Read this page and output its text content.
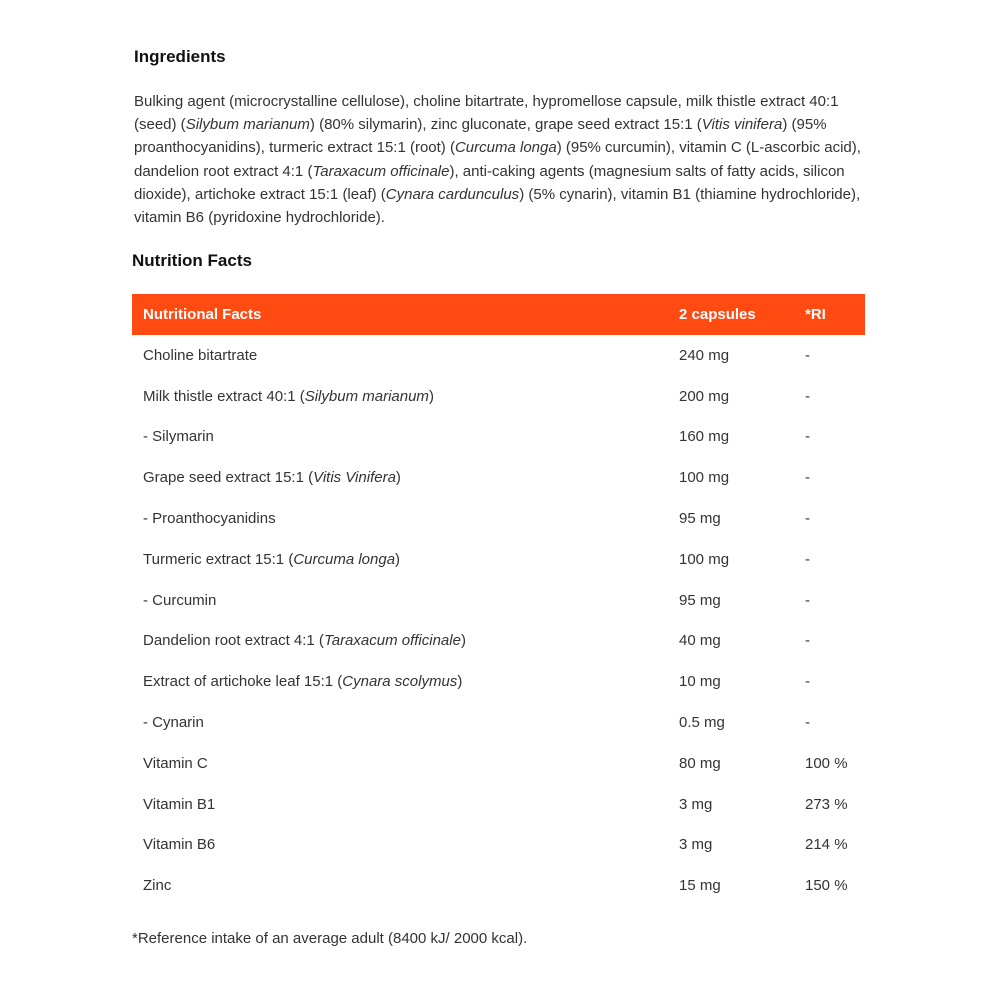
Ingredients

Bulking agent (microcrystalline cellulose), choline bitartrate, hypromellose capsule, milk thistle extract 40:1 (seed) (Silybum marianum) (80% silymarin), zinc gluconate, grape seed extract 15:1 (Vitis vinifera) (95% proanthocyanidins), turmeric extract 15:1 (root) (Curcuma longa) (95% curcumin), vitamin C (L-ascorbic acid), dandelion root extract 4:1 (Taraxacum officinale), anti-caking agents (magnesium salts of fatty acids, silicon dioxide), artichoke extract 15:1 (leaf) (Cynara cardunculus) (5% cynarin), vitamin B1 (thiamine hydrochloride), vitamin B6 (pyridoxine hydrochloride).

Nutrition Facts
Nutritional Facts	2 capsules	*RI
Choline bitartrate	240 mg	-
Milk thistle extract 40:1 (Silybum marianum)	200 mg	-
- Silymarin	160 mg	-
Grape seed extract 15:1 (Vitis Vinifera)	100 mg	-
- Proanthocyanidins	95 mg	-
Turmeric extract 15:1 (Curcuma longa)	100 mg	-
- Curcumin	95 mg	-
Dandelion root extract 4:1 (Taraxacum officinale)	40 mg	-
Extract of artichoke leaf 15:1 (Cynara scolymus)	10 mg	-
- Cynarin	0.5 mg	-
Vitamin C	80 mg	100 %
Vitamin B1	3 mg	273 %
Vitamin B6	3 mg	214 %
Zinc	15 mg	150 %

*Reference intake of an average adult (8400 kJ/ 2000 kcal).
